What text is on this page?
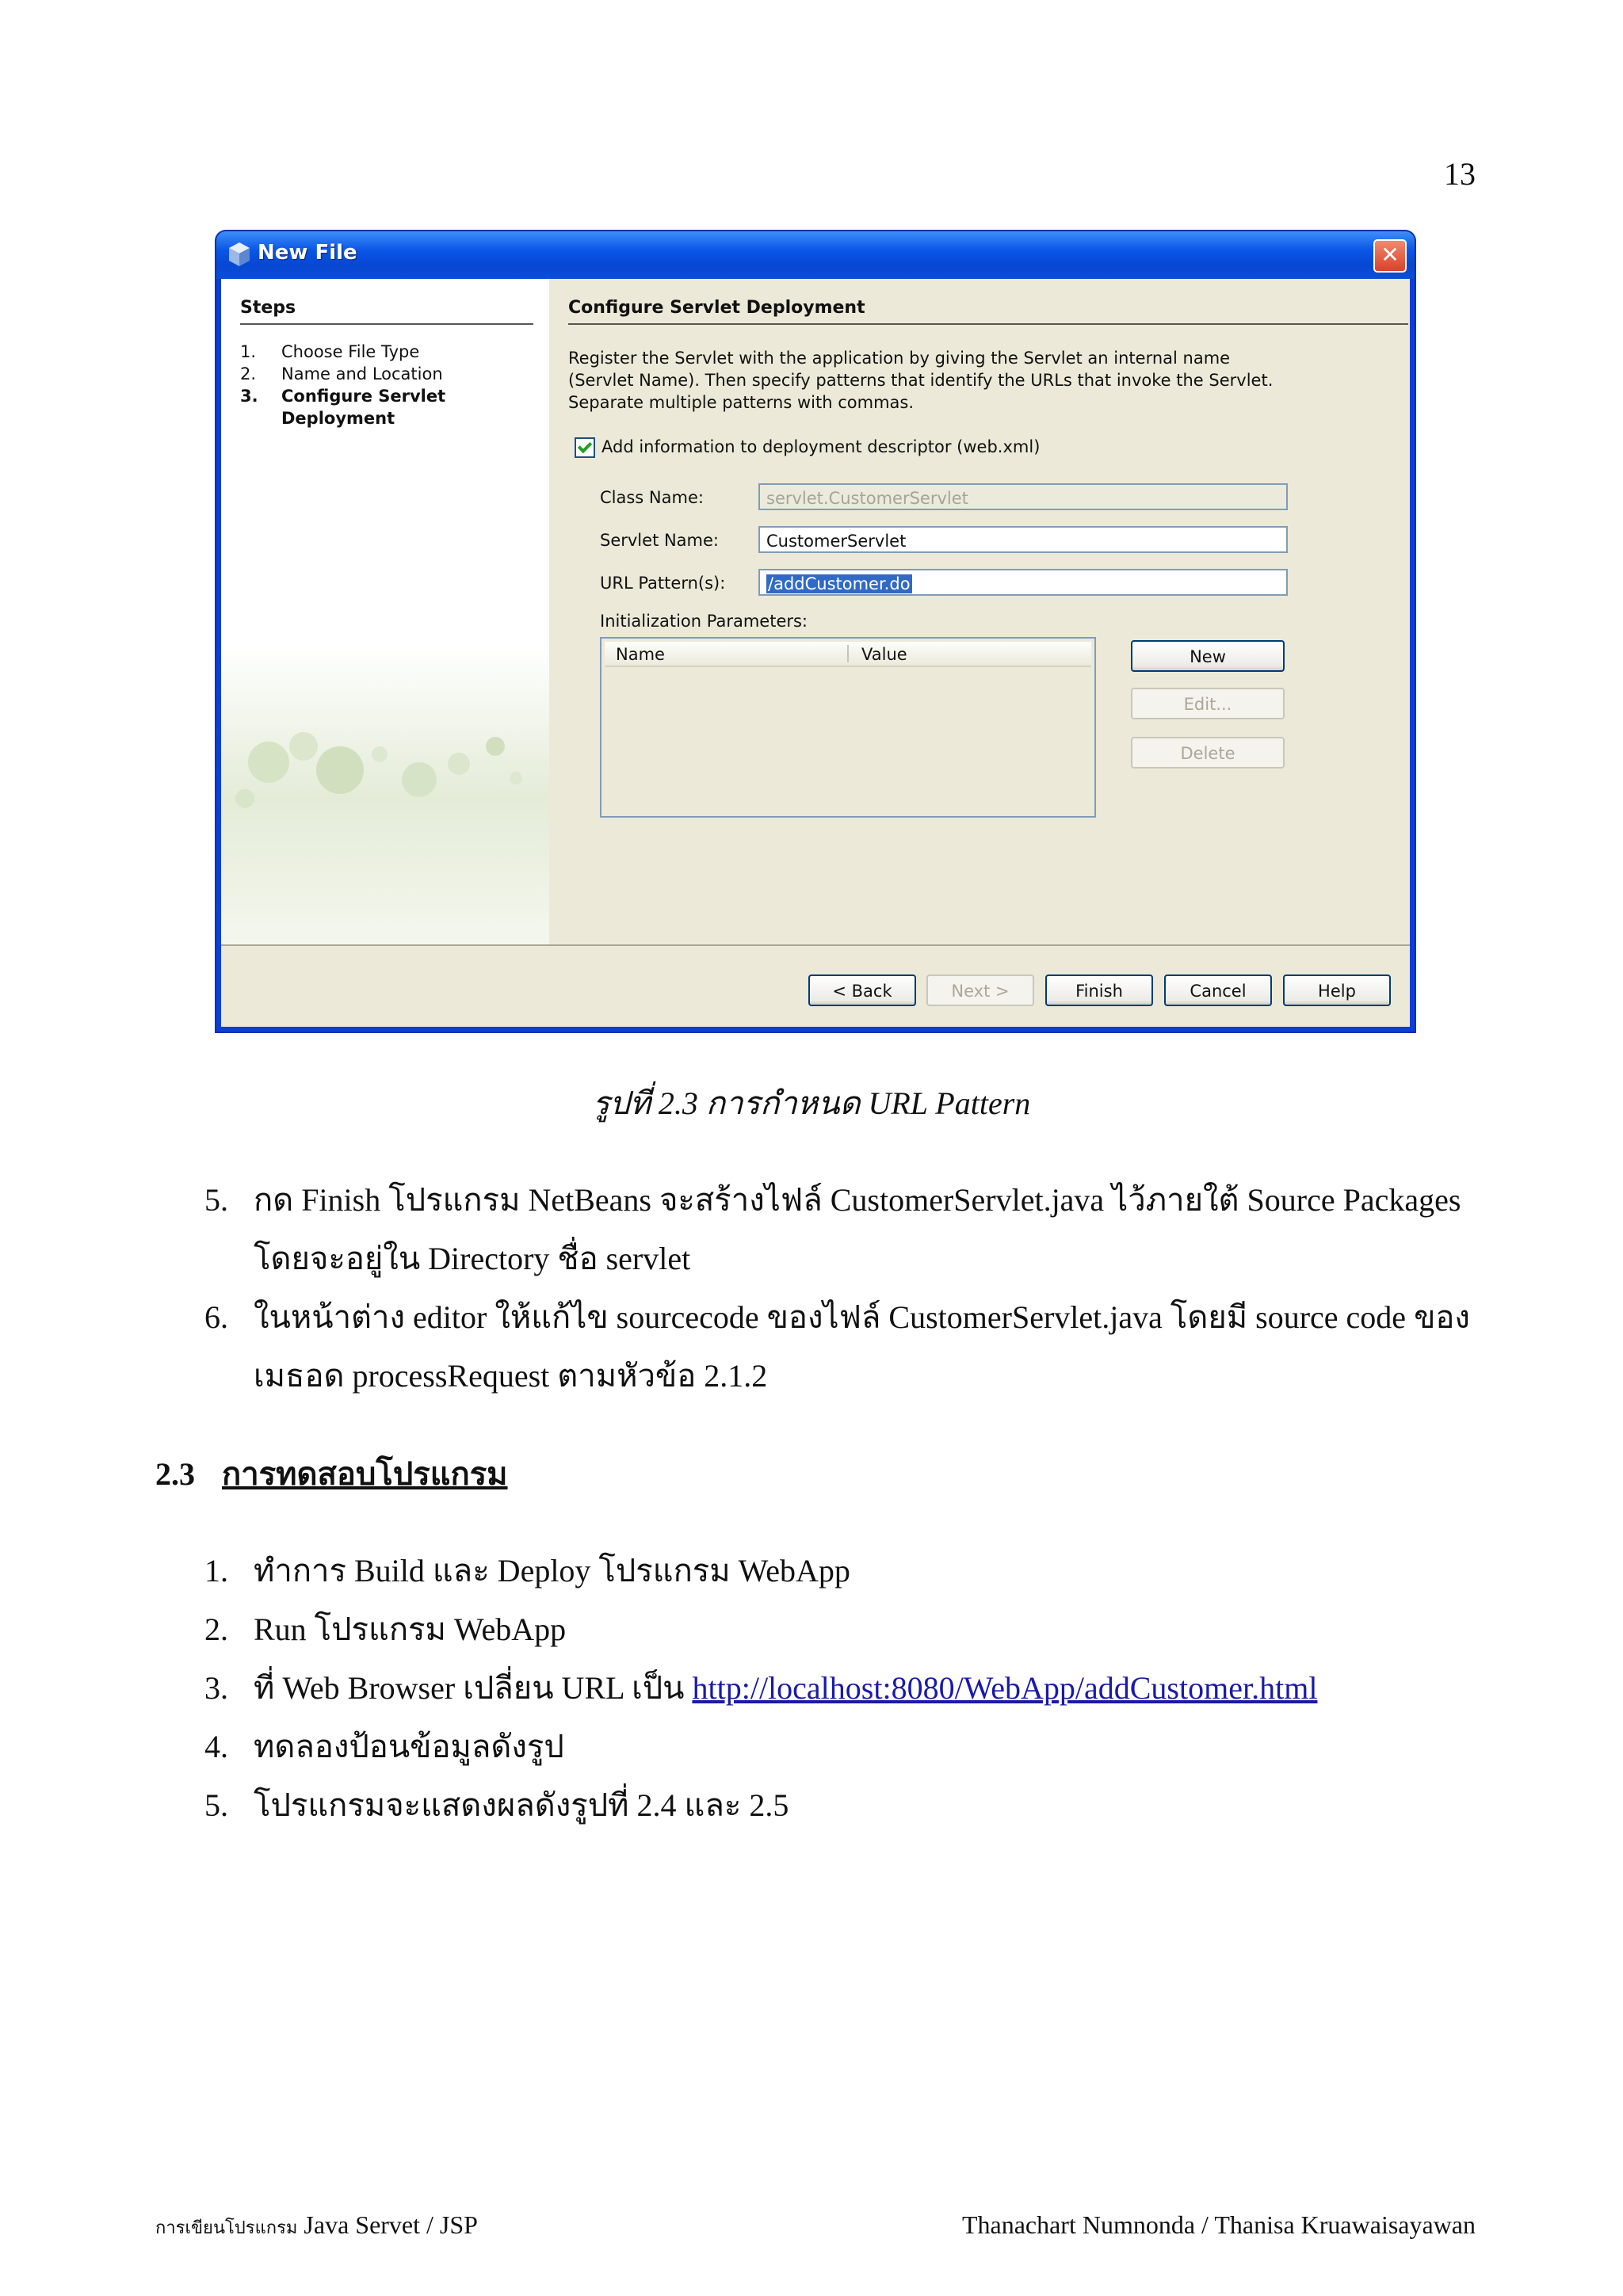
13
New File	✕
Steps
1. Choose File Type
2. Name and Location
3. Configure Servlet
Deployment
Configure Servlet Deployment
Register the Servlet with the application by giving the Servlet an internal name (Servlet Name). Then specify patterns that identify the URLs that invoke the Servlet. Separate multiple patterns with commas.
Add information to deployment descriptor (web.xml)
Class Name:	servlet.CustomerServlet
Servlet Name:	CustomerServlet
URL Pattern(s):	/addCustomer.do
Initialization Parameters:
Name	Value	New
Edit...
Delete
< Back	Next >	Finish	Cancel	Help
รูปที่ 2.3 การกำหนด URL Pattern
5. กด Finish โปรแกรม NetBeans จะสร้างไฟล์ CustomerServlet.java ไว้ภายใต้ Source Packages
โดยจะอยู่ใน Directory ชื่อ servlet
6. ในหน้าต่าง editor ให้แก้ไข sourcecode ของไฟล์ CustomerServlet.java โดยมี source code ของ
เมธอด processRequest ตามหัวข้อ 2.1.2
2.3 การทดสอบโปรแกรม
1. ทำการ Build และ Deploy โปรแกรม WebApp
2. Run โปรแกรม WebApp
3. ที่ Web Browser เปลี่ยน URL เป็น http://localhost:8080/WebApp/addCustomer.html
4. ทดลองป้อนข้อมูลดังรูป
5. โปรแกรมจะแสดงผลดังรูปที่ 2.4 และ 2.5
การเขียนโปรแกรม Java Servet / JSP	Thanachart Numnonda / Thanisa Kruawaisayawan
